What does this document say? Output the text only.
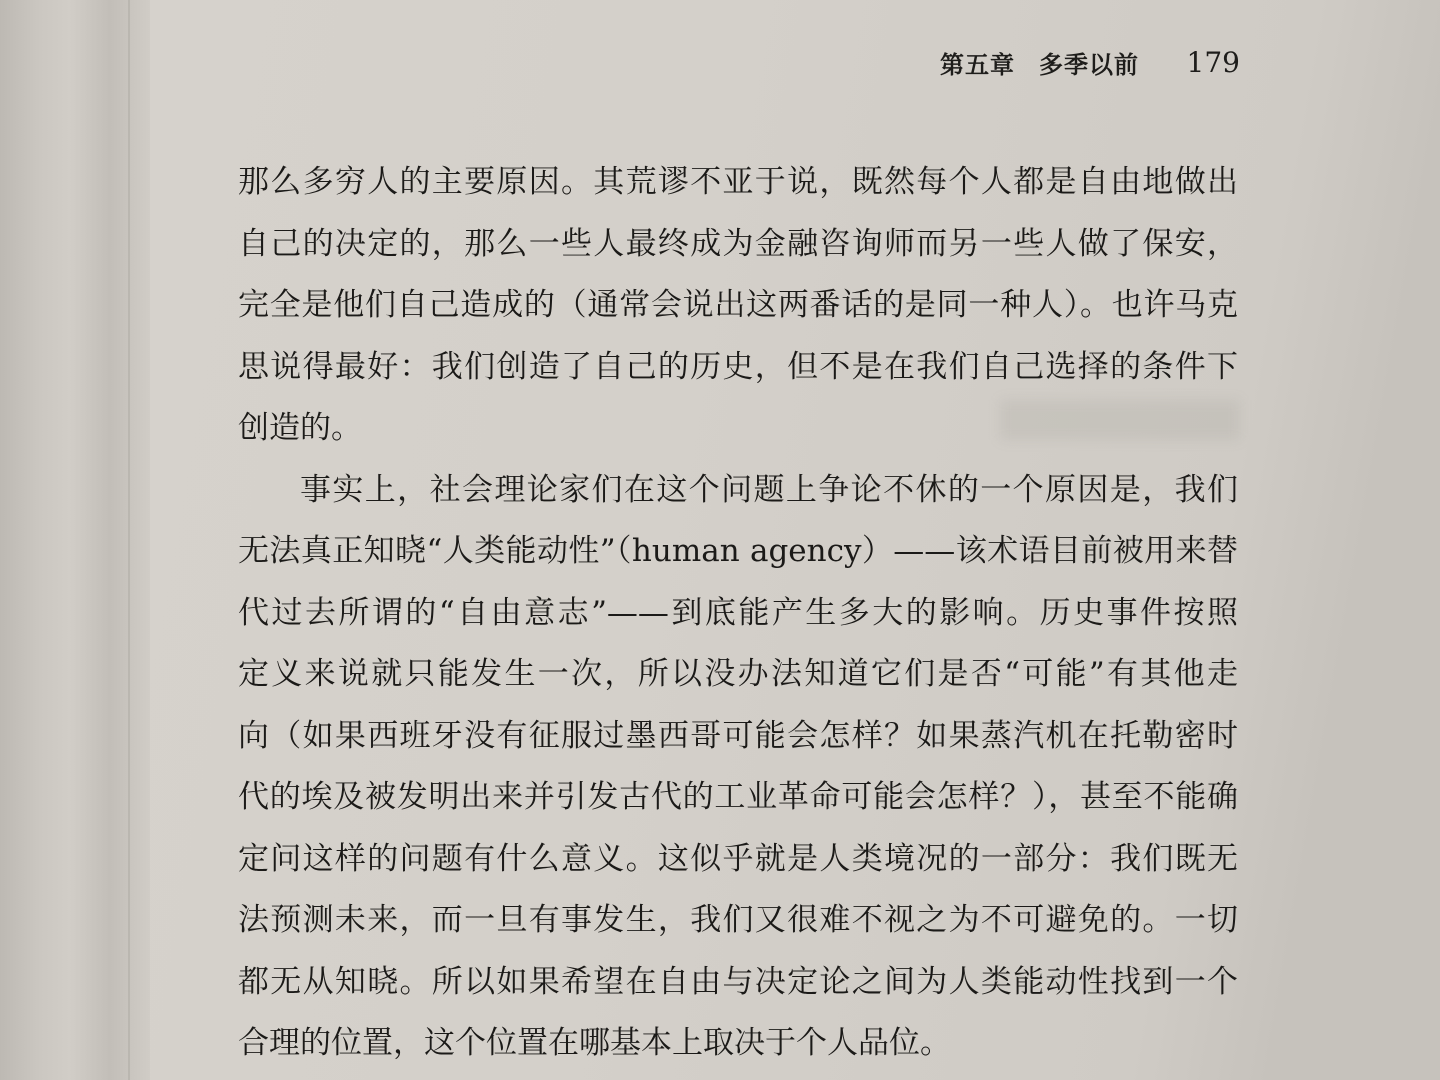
第五章 多季以前 179
那么多穷人的主要原因。其荒谬不亚于说，既然每个人都是自由地做出
自己的决定的，那么一些人最终成为金融咨询师而另一些人做了保安，
完全是他们自己造成的（通常会说出这两番话的是同一种人）。也许马克
思说得最好：我们创造了自己的历史，但不是在我们自己选择的条件下
创造的。
事实上，社会理论家们在这个问题上争论不休的一个原因是，我们
无法真正知晓“人类能动性”（human agency）——该术语目前被用来替
代过去所谓的“自由意志”——到底能产生多大的影响。历史事件按照
定义来说就只能发生一次，所以没办法知道它们是否“可能”有其他走
向（如果西班牙没有征服过墨西哥可能会怎样？如果蒸汽机在托勒密时
代的埃及被发明出来并引发古代的工业革命可能会怎样？），甚至不能确
定问这样的问题有什么意义。这似乎就是人类境况的一部分：我们既无
法预测未来，而一旦有事发生，我们又很难不视之为不可避免的。一切
都无从知晓。所以如果希望在自由与决定论之间为人类能动性找到一个
合理的位置，这个位置在哪基本上取决于个人品位。
